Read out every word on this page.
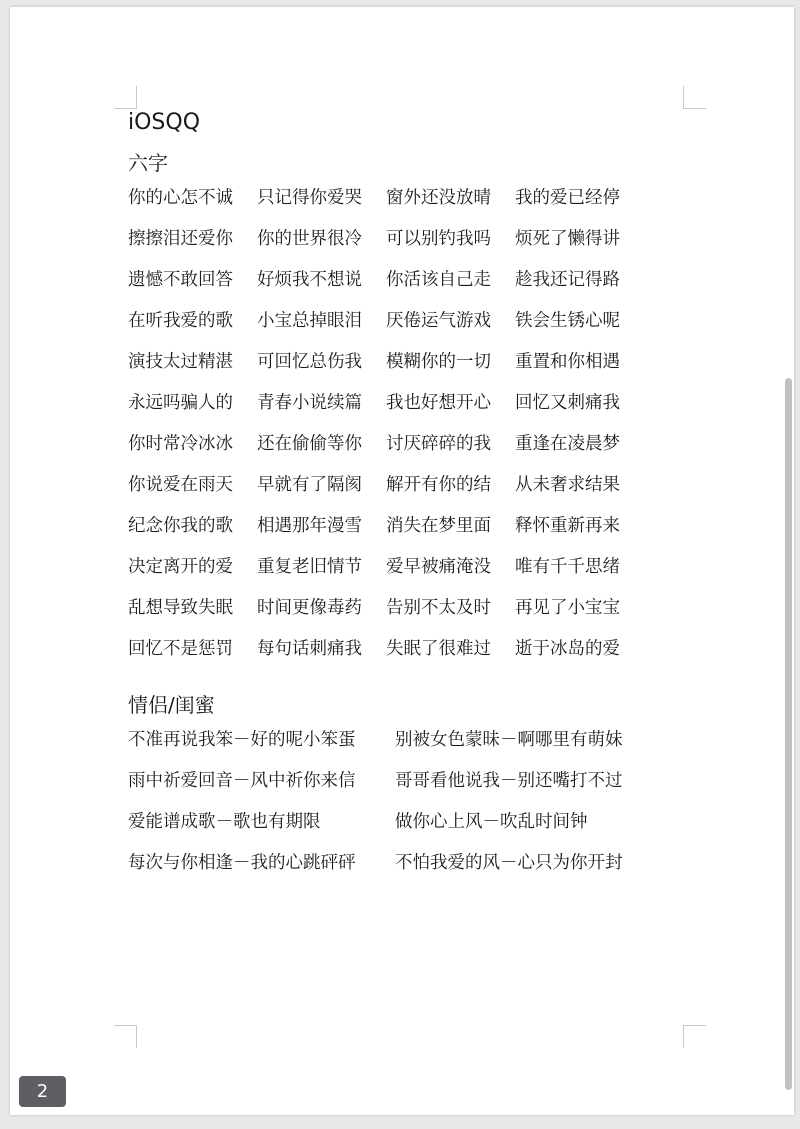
iOSQQ
六字
你的心怎不诚	只记得你爱哭	窗外还没放晴	我的爱已经停
擦擦泪还爱你	你的世界很冷	可以别钓我吗	烦死了懒得讲
遗憾不敢回答	好烦我不想说	你活该自己走	趁我还记得路
在听我爱的歌	小宝总掉眼泪	厌倦运气游戏	铁会生锈心呢
演技太过精湛	可回忆总伤我	模糊你的一切	重置和你相遇
永远吗骗人的	青春小说续篇	我也好想开心	回忆又刺痛我
你时常冷冰冰	还在偷偷等你	讨厌碎碎的我	重逢在凌晨梦
你说爱在雨天	早就有了隔阂	解开有你的结	从未奢求结果
纪念你我的歌	相遇那年漫雪	消失在梦里面	释怀重新再来
决定离开的爱	重复老旧情节	爱早被痛淹没	唯有千千思绪
乱想导致失眠	时间更像毒药	告别不太及时	再见了小宝宝
回忆不是惩罚	每句话刺痛我	失眠了很难过	逝于冰岛的爱
情侣/闺蜜
不准再说我笨－好的呢小笨蛋	别被女色蒙昧－啊哪里有萌妹
雨中祈爱回音－风中祈你来信	哥哥看他说我－别还嘴打不过
爱能谱成歌－歌也有期限	做你心上风－吹乱时间钟
每次与你相逢－我的心跳砰砰	不怕我爱的风－心只为你开封
2
